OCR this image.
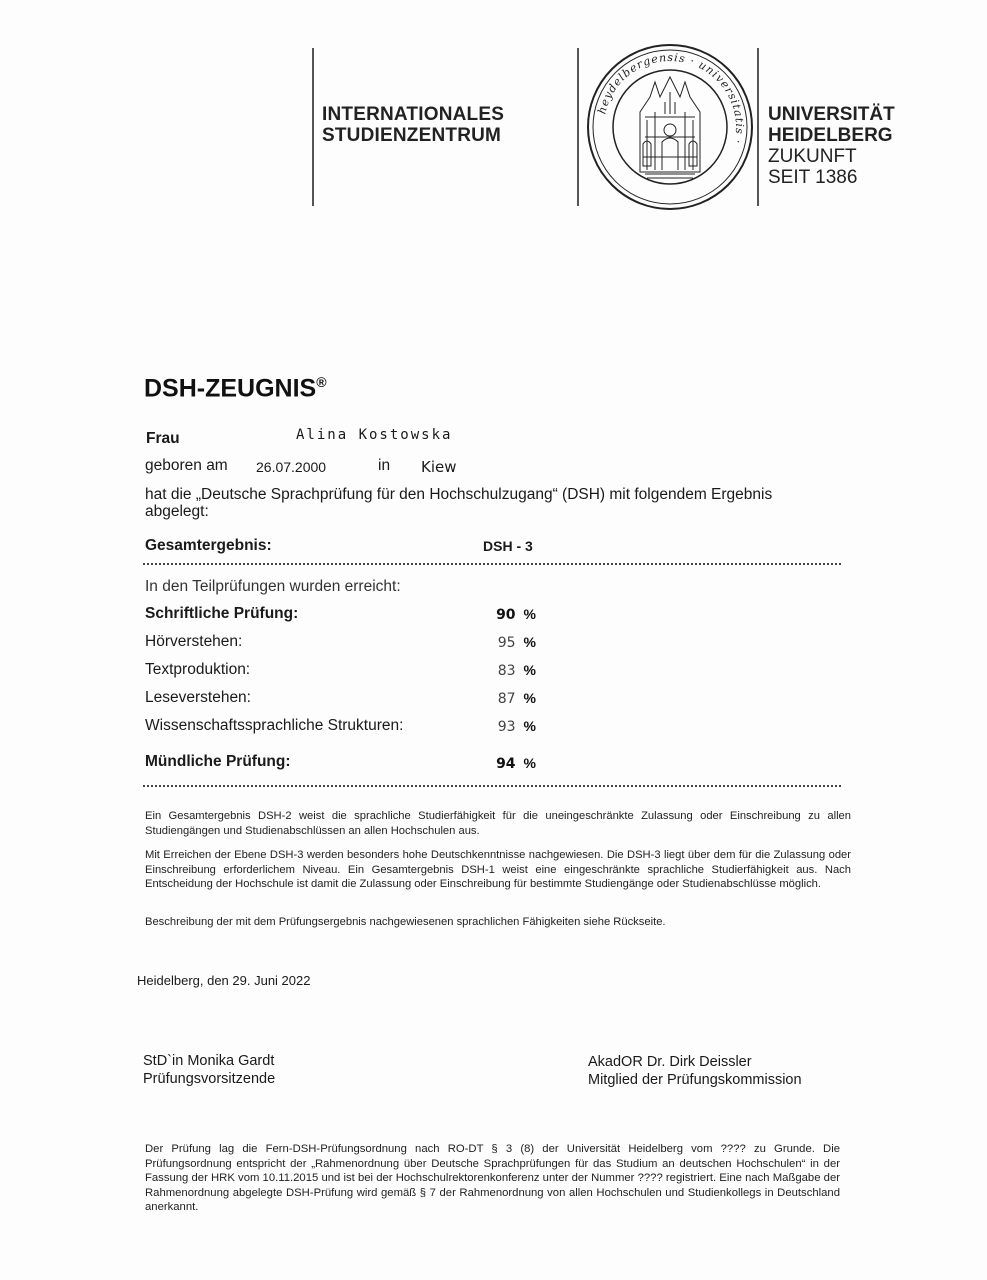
INTERNATIONALES
STUDIENZENTRUM
heydelbergensis · universitatis ·
UNIVERSITÄT
HEIDELBERG
ZUKUNFT
SEIT 1386
DSH-ZEUGNIS®
Frau	Alina Kostowska
geboren am 26.07.2000	in Kiew
hat die „Deutsche Sprachprüfung für den Hochschulzugang“ (DSH) mit folgendem Ergebnis
abgelegt:
Gesamtergebnis:	DSH - 3
In den Teilprüfungen wurden erreicht:
Schriftliche Prüfung:	90 %
Hörverstehen:	95 %
Textproduktion:	83 %
Leseverstehen:	87 %
Wissenschaftssprachliche Strukturen:	93 %
Mündliche Prüfung:	94 %
Ein Gesamtergebnis DSH-2 weist die sprachliche Studierfähigkeit für die uneingeschränkte Zulassung oder Einschreibung zu allen Studiengängen und Studienabschlüssen an allen Hochschulen aus.
Mit Erreichen der Ebene DSH-3 werden besonders hohe Deutschkenntnisse nachgewiesen. Die DSH-3 liegt über dem für die Zulassung oder Einschreibung erforderlichem Niveau. Ein Gesamtergebnis DSH-1 weist eine eingeschränkte sprachliche Studierfähigkeit aus. Nach Entscheidung der Hochschule ist damit die Zulassung oder Einschreibung für bestimmte Studiengänge oder Studienabschlüsse möglich.
Beschreibung der mit dem Prüfungsergebnis nachgewiesenen sprachlichen Fähigkeiten siehe Rückseite.
Heidelberg, den 29. Juni 2022
StD`in Monika Gardt
Prüfungsvorsitzende
AkadOR Dr. Dirk Deissler
Mitglied der Prüfungskommission
Der Prüfung lag die Fern-DSH-Prüfungsordnung nach RO-DT § 3 (8) der Universität Heidelberg vom ???? zu Grunde. Die Prüfungsordnung entspricht der „Rahmenordnung über Deutsche Sprachprüfungen für das Studium an deutschen Hochschulen“ in der Fassung der HRK vom 10.11.2015 und ist bei der Hochschulrektorenkonferenz unter der Nummer ???? registriert. Eine nach Maßgabe der Rahmenordnung abgelegte DSH-Prüfung wird gemäß § 7 der Rahmenordnung von allen Hochschulen und Studienkollegs in Deutschland anerkannt.
